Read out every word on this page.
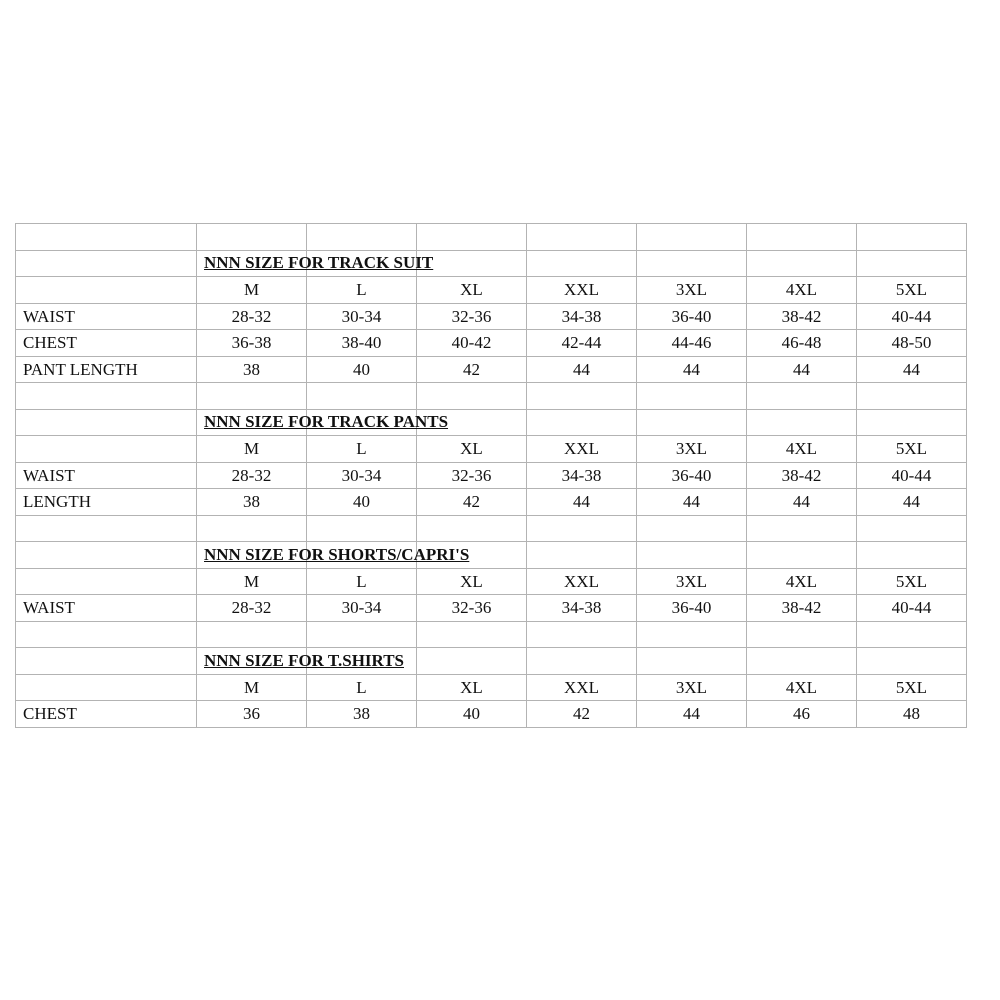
	NNN SIZE FOR TRACK SUIT						

	M	L	XL	XXL	3XL	4XL	5XL
WAIST	28-32	30-34	32-36	34-38	36-40	38-42	40-44
CHEST	36-38	38-40	40-42	42-44	44-46	46-48	48-50
PANT LENGTH	38	40	42	44	44	44	44

	NNN SIZE FOR TRACK PANTS						

	M	L	XL	XXL	3XL	4XL	5XL
WAIST	28-32	30-34	32-36	34-38	36-40	38-42	40-44
LENGTH	38	40	42	44	44	44	44

	NNN SIZE FOR SHORTS/CAPRI'S						

	M	L	XL	XXL	3XL	4XL	5XL
WAIST	28-32	30-34	32-36	34-38	36-40	38-42	40-44

	NNN SIZE FOR T.SHIRTS						

	M	L	XL	XXL	3XL	4XL	5XL
CHEST	36	38	40	42	44	46	48
